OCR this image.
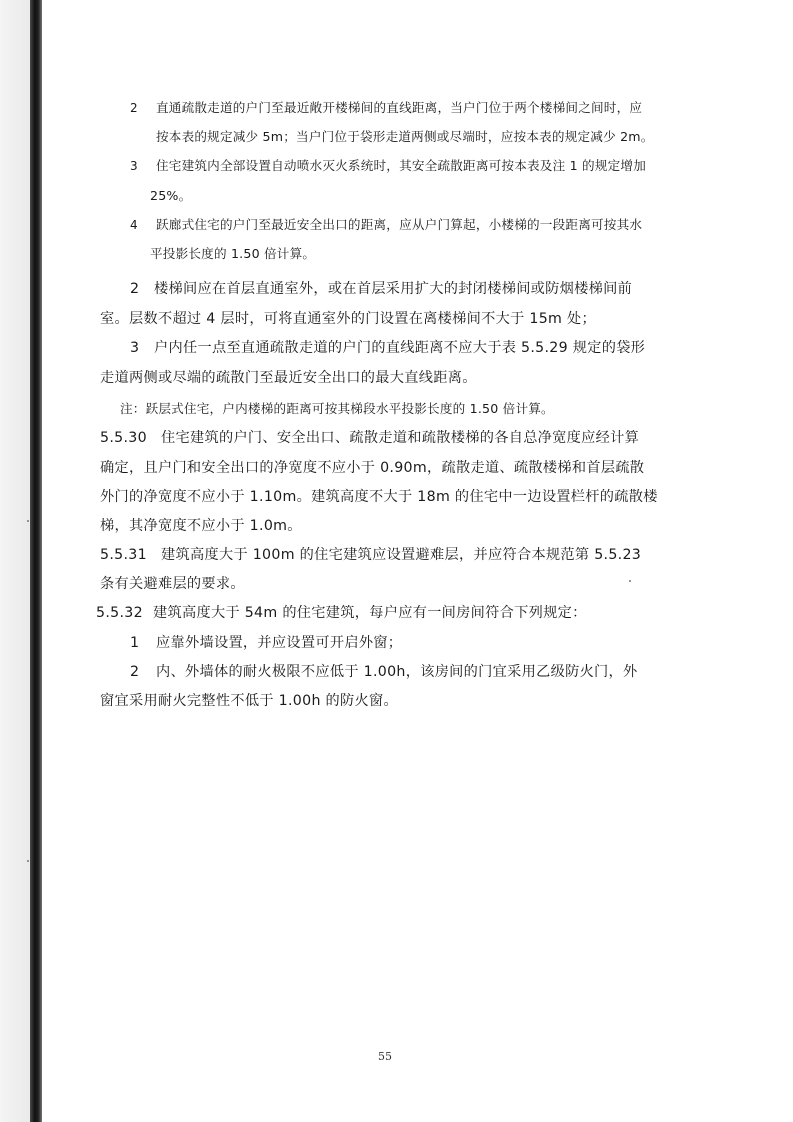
2 直通疏散走道的户门至最近敞开楼梯间的直线距离，当户门位于两个楼梯间之间时，应
按本表的规定减少 5m；当户门位于袋形走道两侧或尽端时，应按本表的规定减少 2m。
3 住宅建筑内全部设置自动喷水灭火系统时，其安全疏散距离可按本表及注 1 的规定增加
25%。
4 跃廊式住宅的户门至最近安全出口的距离，应从户门算起，小楼梯的一段距离可按其水
平投影长度的 1.50 倍计算。
2 楼梯间应在首层直通室外，或在首层采用扩大的封闭楼梯间或防烟楼梯间前
室。层数不超过 4 层时，可将直通室外的门设置在离楼梯间不大于 15m 处；
3 户内任一点至直通疏散走道的户门的直线距离不应大于表 5.5.29 规定的袋形
走道两侧或尽端的疏散门至最近安全出口的最大直线距离。
注：跃层式住宅，户内楼梯的距离可按其梯段水平投影长度的 1.50 倍计算。
5.5.30 住宅建筑的户门、安全出口、疏散走道和疏散楼梯的各自总净宽度应经计算
确定，且户门和安全出口的净宽度不应小于 0.90m，疏散走道、疏散楼梯和首层疏散
外门的净宽度不应小于 1.10m。建筑高度不大于 18m 的住宅中一边设置栏杆的疏散楼
梯，其净宽度不应小于 1.0m。
5.5.31 建筑高度大于 100m 的住宅建筑应设置避难层，并应符合本规范第 5.5.23
条有关避难层的要求。
5.5.32 建筑高度大于 54m 的住宅建筑，每户应有一间房间符合下列规定：
1 应靠外墙设置，并应设置可开启外窗；
2 内、外墙体的耐火极限不应低于 1.00h，该房间的门宜采用乙级防火门，外
窗宜采用耐火完整性不低于 1.00h 的防火窗。
55
